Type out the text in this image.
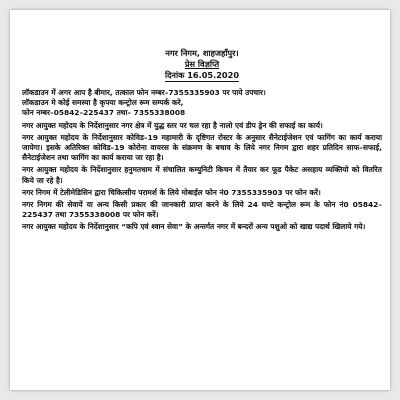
नगर निगम, शाहजहाँपुर।
प्रेस विज्ञप्ति
दिनांक 16.05.2020

लॉकडाउन में अगर आप है बीमार, तत्काल फोन नम्बर–7355335903 पर पाये उपचार।

लॉकडाउन मे कोई समस्या है कृपया कन्ट्रोल रूम सम्पर्क करे,

फोन नम्बर–05842–225437 तथा– 7355338008

नगर आयुक्त महोदय के निर्देशानुसार नगर क्षेत्र में युद्ध स्तर पर चल रहा है नालो एवं डीप ड्रेन की सफाई का कार्य।

नगर आयुक्त महोदय के निर्देशानुसार कोविड–19 महामारी के दृष्टिगत रोस्टर के अनुसार सैनेटाईजेशन एवं फागिंग का कार्य कराया जायेगा। इसके अतिरिक्त कोविड–19 कोरोना वायरस के संक्रमण के बचाव के लिये नगर निगम द्वारा शहर प्रतिदिन साफ–सफाई, सैनेटाईजेशन तथा फागिंग का कार्य कराया जा रहा है।

नगर आयुक्त महोदय के निर्देशानुसार हनुमतधाम में संचालित कम्युनिटी किचन में तैयार कर फूड पैकेट असहाय व्यक्तियो को वितरित किये जा रहे है।

नगर निगम में टेलीमेडिसिन द्वारा चिकित्सीय परामर्श के लिये मोबाईल फोन नं0 7355335903 पर फोन करें।

नगर निगम की सेवायें या अन्य किसी प्रकार की जानकारी प्राप्त करने के लिये 24 घण्टे कन्ट्रोल रूम के फोन नं0 05842–225437 तथा 7355338008 पर फोन करें।

नगर आयुक्त महोदय के निर्देशानुसार “कपि एवं श्वान सेवा” के अन्तर्गत नगर में बन्दरों अन्य पशुओ को खाद्य पदार्थ खिलाये गये।
